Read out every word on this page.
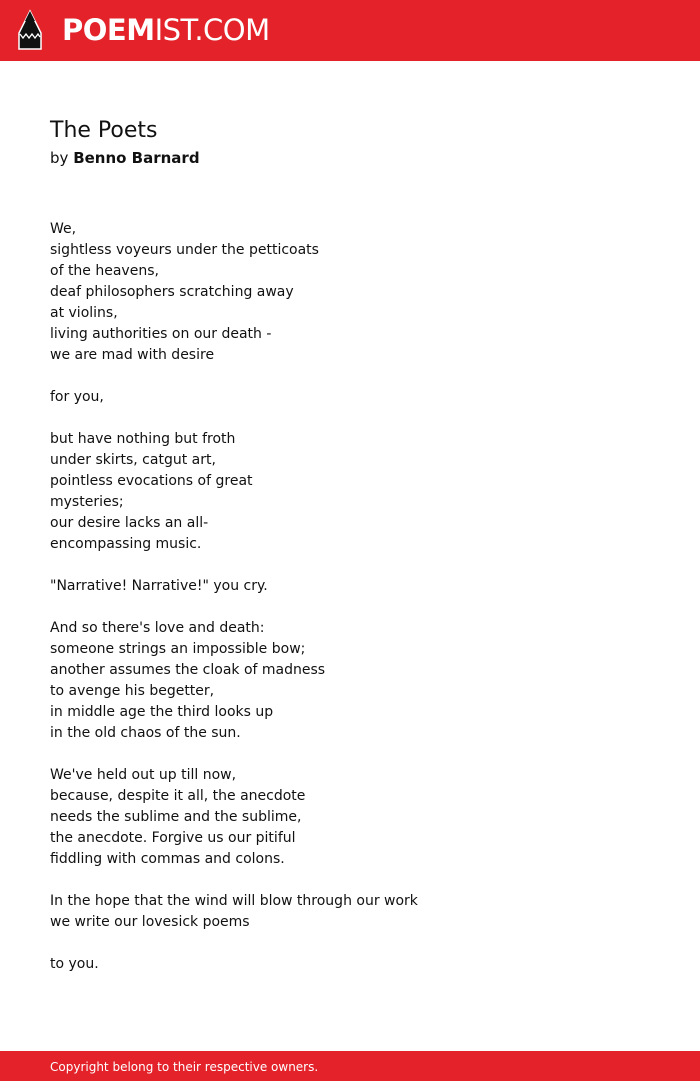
POEMIST.COM
The Poets
by Benno Barnard
We,
sightless voyeurs under the petticoats
of the heavens,
deaf philosophers scratching away
at violins,
living authorities on our death -
we are mad with desire
for you,
but have nothing but froth
under skirts, catgut art,
pointless evocations of great
mysteries;
our desire lacks an all-
encompassing music.
"Narrative! Narrative!" you cry.
And so there's love and death:
someone strings an impossible bow;
another assumes the cloak of madness
to avenge his begetter,
in middle age the third looks up
in the old chaos of the sun.
We've held out up till now,
because, despite it all, the anecdote
needs the sublime and the sublime,
the anecdote. Forgive us our pitiful
fiddling with commas and colons.
In the hope that the wind will blow through our work
we write our lovesick poems
to you.
Copyright belong to their respective owners.
